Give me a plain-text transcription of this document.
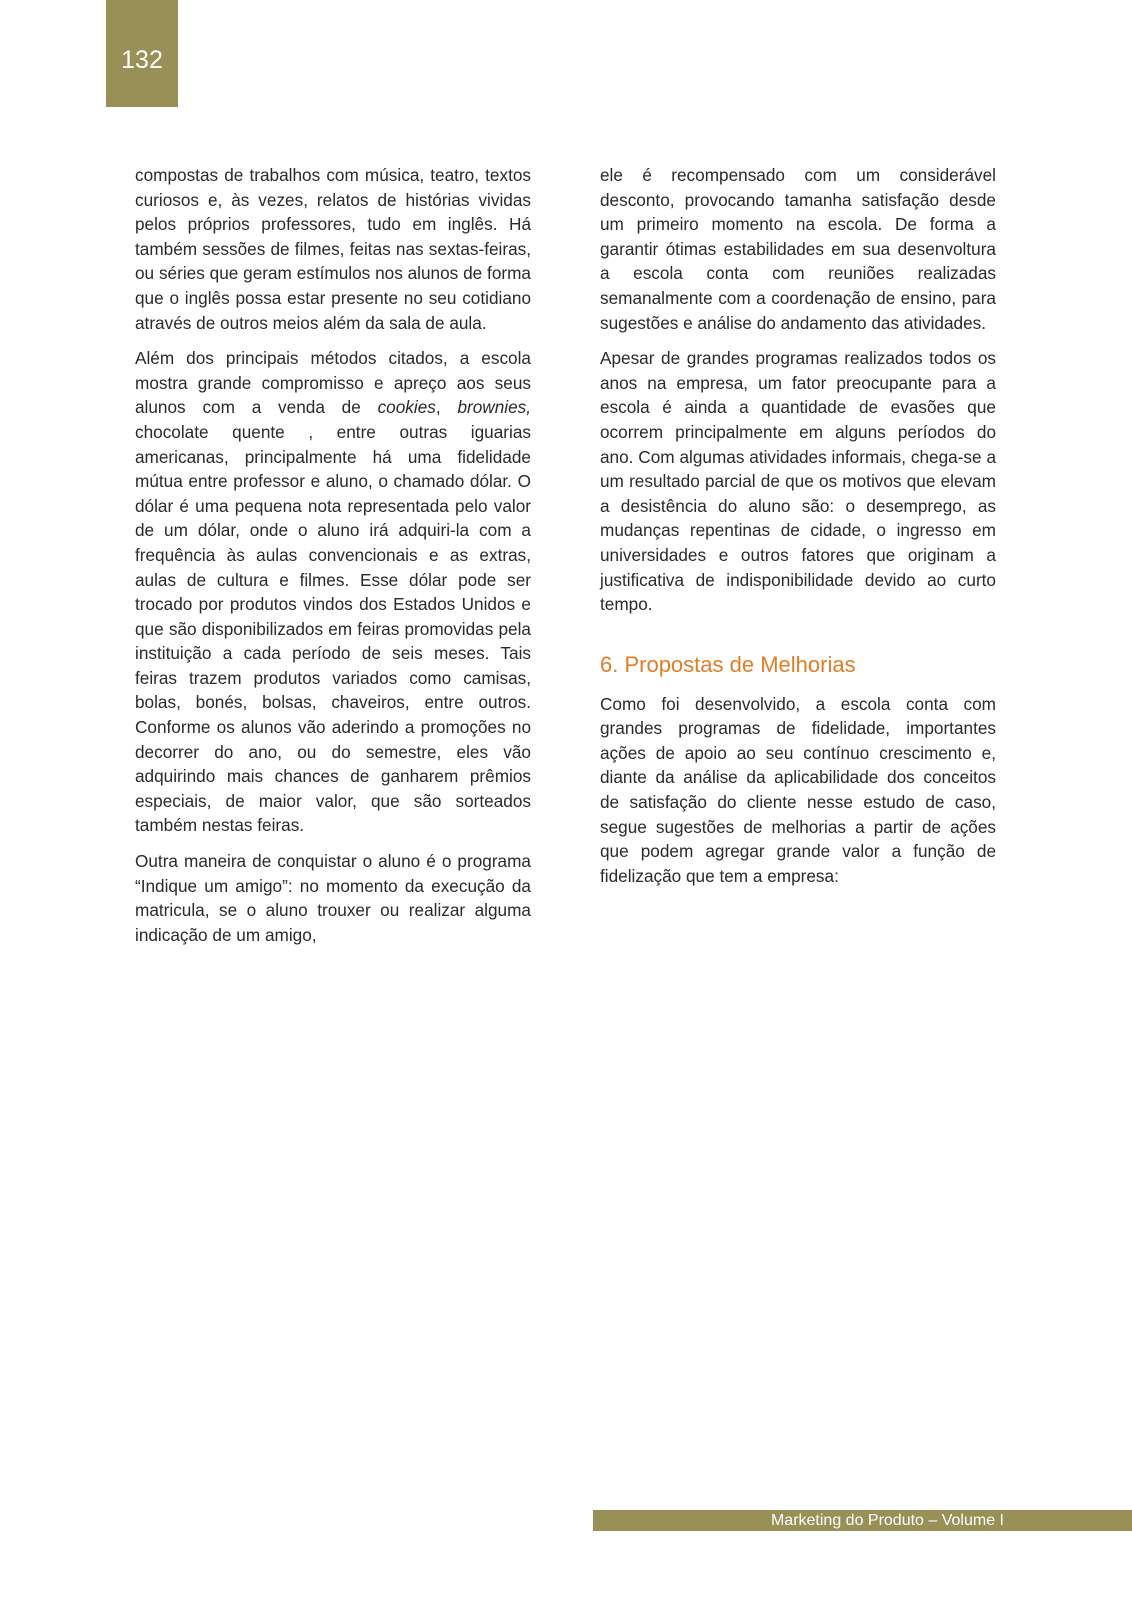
132

compostas de trabalhos com música, teatro, textos curiosos e, às vezes, relatos de histórias vividas pelos próprios professores, tudo em inglês. Há também sessões de filmes, feitas nas sextas-feiras, ou séries que geram estímulos nos alunos de forma que o inglês possa estar presente no seu cotidiano através de outros meios além da sala de aula.

Além dos principais métodos citados, a escola mostra grande compromisso e apreço aos seus alunos com a venda de cookies, brownies, chocolate quente , entre outras iguarias americanas, principalmente há uma fidelidade mútua entre professor e aluno, o chamado dólar. O dólar é uma pequena nota representada pelo valor de um dólar, onde o aluno irá adquiri-la com a frequência às aulas convencionais e as extras, aulas de cultura e filmes. Esse dólar pode ser trocado por produtos vindos dos Estados Unidos e que são disponibilizados em feiras promovidas pela instituição a cada período de seis meses. Tais feiras trazem produtos variados como camisas, bolas, bonés, bolsas, chaveiros, entre outros. Conforme os alunos vão aderindo a promoções no decorrer do ano, ou do semestre, eles vão adquirindo mais chances de ganharem prêmios especiais, de maior valor, que são sorteados também nestas feiras.

Outra maneira de conquistar o aluno é o programa “Indique um amigo”: no momento da execução da matricula, se o aluno trouxer ou realizar alguma indicação de um amigo,

ele é recompensado com um considerável desconto, provocando tamanha satisfação desde um primeiro momento na escola. De forma a garantir ótimas estabilidades em sua desenvoltura a escola conta com reuniões realizadas semanalmente com a coordenação de ensino, para sugestões e análise do andamento das atividades.

Apesar de grandes programas realizados todos os anos na empresa, um fator preocupante para a escola é ainda a quantidade de evasões que ocorrem principalmente em alguns períodos do ano. Com algumas atividades informais, chega-se a um resultado parcial de que os motivos que elevam a desistência do aluno são: o desemprego, as mudanças repentinas de cidade, o ingresso em universidades e outros fatores que originam a justificativa de indisponibilidade devido ao curto tempo.

6. Propostas de Melhorias

Como foi desenvolvido, a escola conta com grandes programas de fidelidade, importantes ações de apoio ao seu contínuo crescimento e, diante da análise da aplicabilidade dos conceitos de satisfação do cliente nesse estudo de caso, segue sugestões de melhorias a partir de ações que podem agregar grande valor a função de fidelização que tem a empresa:

Marketing do Produto – Volume I
